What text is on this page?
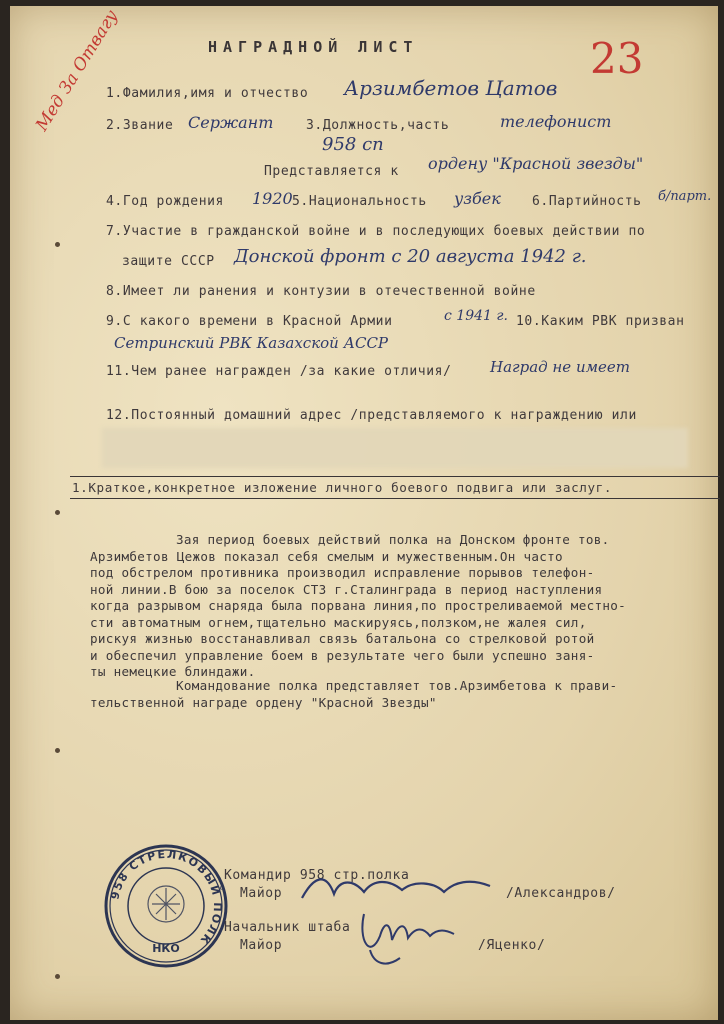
НАГРАДНОЙ ЛИСТ
Мед За Отвагу	23
1.Фамилия,имя и отчество Арзимбетов Цатов
2.Звание Сержант	3.Должность,часть	телефонист
958 сп
Представляется к ордену "Красной звезды"
4.Год рождения 1920 5.Национальность узбек 6.Партийность б/парт.
7.Участие в гражданской войне и в последующих боевых действии по
защите СССР Донской фронт с 20 августа 1942 г.
8.Имеет ли ранения и контузии в отечественной войне
9.С какого времени в Красной Армии	с 1941 г. 10.Каким РВК призван
Сетринский РВК Казахской АССР
11.Чем ранее награжден /за какие отличия/	Наград не имеет
12.Постоянный домашний адрес /представляемого к награждению или
1.Краткое,конкретное изложение личного боевого подвига или заслуг.
Зая период боевых действий полка на Донском фронте тов.
Арзимбетов Цежов показал себя смелым и мужественным.Он часто
под обстрелом противника производил исправление порывов телефон-
ной линии.В бою за поселок СТЗ г.Сталинграда в период наступления
когда разрывом снаряда была порвана линия,по простреливаемой местно-
сти автоматным огнем,тщательно маскируясь,ползком,не жалея сил,
рискуя жизнью восстанавливал связь батальона со стрелковой ротой
и обеспечил управление боем в результате чего были успешно заня-
ты немецкие блиндажи.
Командование полка представляет тов.Арзимбетова к прави-
тельственной награде ордену "Красной Звезды"
958 СТРЕЛКОВЫЙ ПОЛК
НКО
Командир 958 стр.полка
Майор	/Александров/
Начальник штаба
Майор	/Яценко/
